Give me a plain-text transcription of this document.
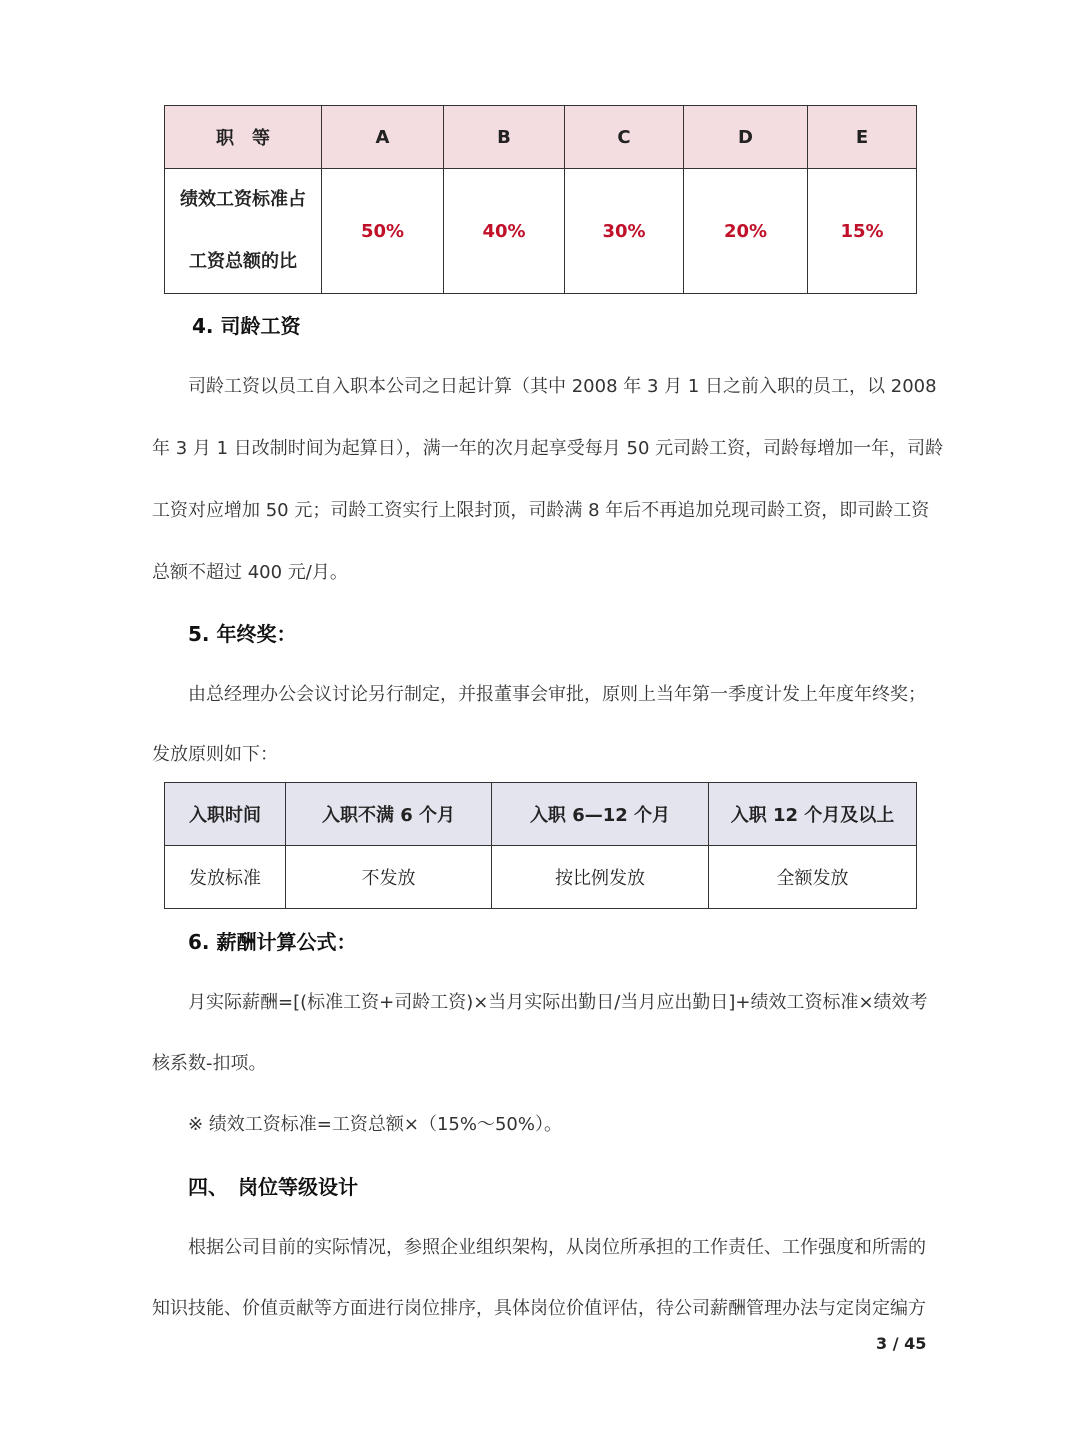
职　等	A	B	C	D	E

绩效工资标准占
工资总额的比	50%	40%	30%	20%	15%
4. 司龄工资
司龄工资以员工自入职本公司之日起计算（其中 2008 年 3 月 1 日之前入职的员工，以 2008
年 3 月 1 日改制时间为起算日），满一年的次月起享受每月 50 元司龄工资，司龄每增加一年，司龄
工资对应增加 50 元；司龄工资实行上限封顶，司龄满 8 年后不再追加兑现司龄工资，即司龄工资
总额不超过 400 元/月。
5. 年终奖：
由总经理办公会议讨论另行制定，并报董事会审批，原则上当年第一季度计发上年度年终奖；
发放原则如下：
入职时间	入职不满 6 个月	入职 6—12 个月	入职 12 个月及以上
发放标准	不发放	按比例发放	全额发放
6. 薪酬计算公式：
月实际薪酬=[(标准工资+司龄工资)×当月实际出勤日/当月应出勤日]+绩效工资标准×绩效考
核系数-扣项。
※ 绩效工资标准=工资总额×（15%～50%）。
四、　岗位等级设计
根据公司目前的实际情况，参照企业组织架构，从岗位所承担的工作责任、工作强度和所需的
知识技能、价值贡献等方面进行岗位排序，具体岗位价值评估，待公司薪酬管理办法与定岗定编方
3 / 45
